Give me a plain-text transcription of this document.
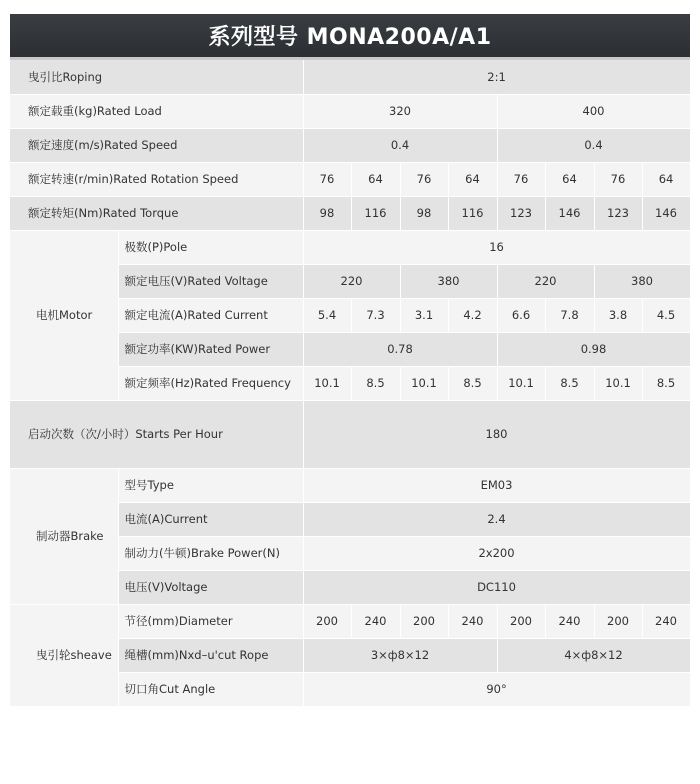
系列型号 MONA200A/A1
曳引比Roping		2:1							
额定载重(kg)Rated Load		320				400			
额定速度(m/s)Rated Speed		0.4				0.4			
额定转速(r/min)Rated Rotation Speed		76	64	76	64	76	64	76	64
额定转矩(Nm)Rated Torque		98	116	98	116	123	146	123	146
电机Motor	极数(P)Pole	16							
	额定电压(V)Rated Voltage	220		380		220		380	
	额定电流(A)Rated Current	5.4	7.3	3.1	4.2	6.6	7.8	3.8	4.5
	额定功率(KW)Rated Power	0.78				0.98			
	额定频率(Hz)Rated Frequency	10.1	8.5	10.1	8.5	10.1	8.5	10.1	8.5
启动次数（次/小时）Starts Per Hour		180							
制动器Brake	型号Type	EM03							
	电流(A)Current	2.4							
	制动力(牛顿)Brake Power(N)	2x200							
	电压(V)Voltage	DC110							
曳引轮sheave	节径(mm)Diameter	200	240	200	240	200	240	200	240
	绳槽(mm)Nxd–u'cut Rope	3×ф8×12				4×ф8×12			
	切口角Cut Angle	90°							
